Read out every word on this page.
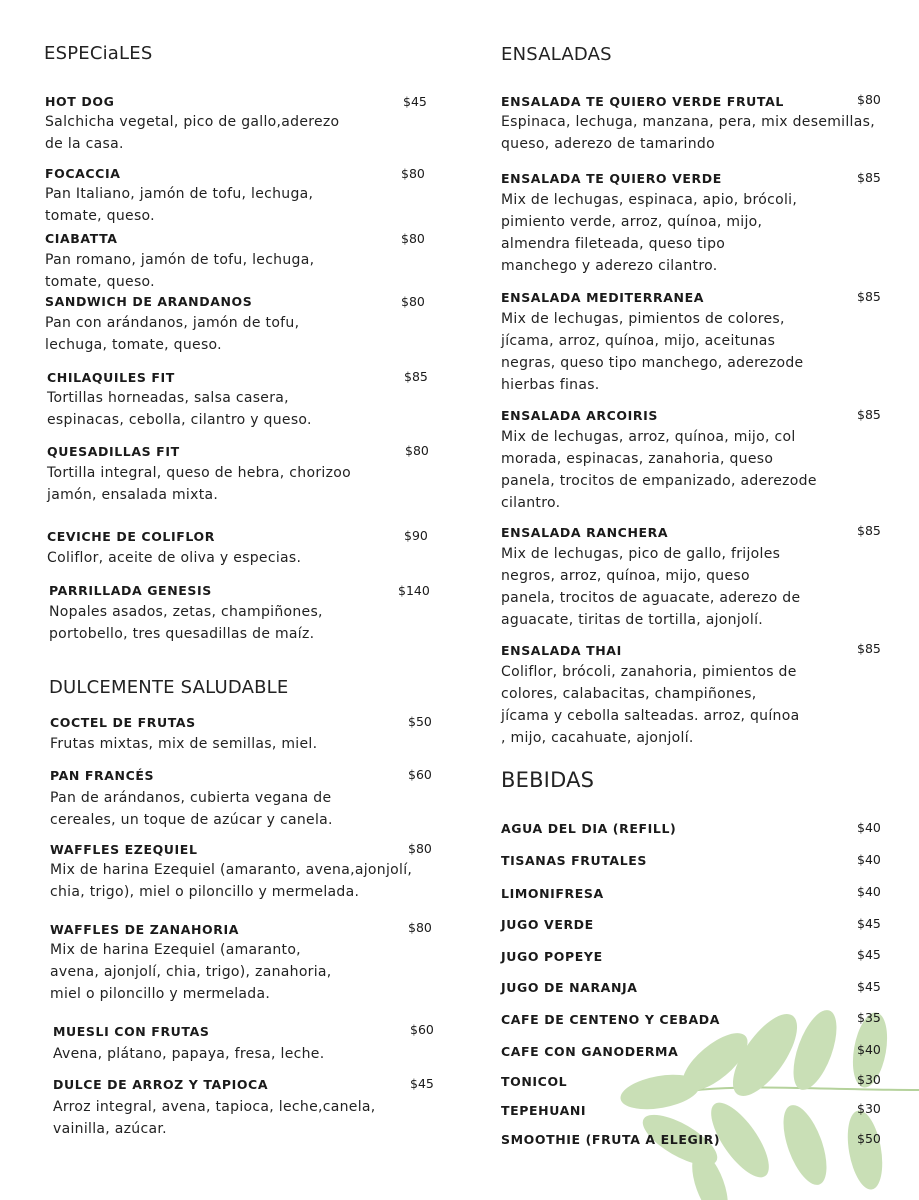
ESPECiaLES
HOT DOG	$45
Salchicha vegetal, pico de gallo,aderezo
de la casa.
FOCACCIA	$80
Pan Italiano, jamón de tofu, lechuga,
tomate, queso.
CIABATTA	$80
Pan romano, jamón de tofu, lechuga,
tomate, queso.
SANDWICH DE ARANDANOS	$80
Pan con arándanos, jamón de tofu,
lechuga, tomate, queso.
CHILAQUILES FIT	$85
Tortillas horneadas, salsa casera,
espinacas, cebolla, cilantro y queso.
QUESADILLAS FIT	$80
Tortilla integral, queso de hebra, chorizoo
jamón, ensalada mixta.
CEVICHE DE COLIFLOR	$90
Coliflor, aceite de oliva y especias.
PARRILLADA GENESIS	$140
Nopales asados, zetas, champiñones,
portobello, tres quesadillas de maíz.
DULCEMENTE SALUDABLE
COCTEL DE FRUTAS	$50
Frutas mixtas, mix de semillas, miel.
PAN FRANCÉS	$60
Pan de arándanos, cubierta vegana de
cereales, un toque de azúcar y canela.
WAFFLES EZEQUIEL	$80
Mix de harina Ezequiel (amaranto, avena,ajonjolí,
chia, trigo), miel o piloncillo y mermelada.
WAFFLES DE ZANAHORIA	$80
Mix de harina Ezequiel (amaranto,
avena, ajonjolí, chia, trigo), zanahoria,
miel o piloncillo y mermelada.
MUESLI CON FRUTAS	$60
Avena, plátano, papaya, fresa, leche.
DULCE DE ARROZ Y TAPIOCA	$45
Arroz integral, avena, tapioca, leche,canela,
vainilla, azúcar.
ENSALADAS
ENSALADA TE QUIERO VERDE FRUTAL	$80
Espinaca, lechuga, manzana, pera, mix desemillas,
queso, aderezo de tamarindo
ENSALADA TE QUIERO VERDE	$85
Mix de lechugas, espinaca, apio, brócoli,
pimiento verde, arroz, quínoa, mijo,
almendra fileteada, queso tipo
manchego y aderezo cilantro.
ENSALADA MEDITERRANEA	$85
Mix de lechugas, pimientos de colores,
jícama, arroz, quínoa, mijo, aceitunas
negras, queso tipo manchego, aderezode
hierbas finas.
ENSALADA ARCOIRIS	$85
Mix de lechugas, arroz, quínoa, mijo, col
morada, espinacas, zanahoria, queso
panela, trocitos de empanizado, aderezode
cilantro.
ENSALADA RANCHERA	$85
Mix de lechugas, pico de gallo, frijoles
negros, arroz, quínoa, mijo, queso
panela, trocitos de aguacate, aderezo de
aguacate, tiritas de tortilla, ajonjolí.
ENSALADA THAI	$85
Coliflor, brócoli, zanahoria, pimientos de
colores, calabacitas, champiñones,
jícama y cebolla salteadas. arroz, quínoa
, mijo, cacahuate, ajonjolí.
BEBIDAS
AGUA DEL DIA (REFILL)	$40
TISANAS FRUTALES	$40
LIMONIFRESA	$40
JUGO VERDE	$45
JUGO POPEYE	$45
JUGO DE NARANJA	$45
CAFE DE CENTENO Y CEBADA	$35
CAFE CON GANODERMA	$40
TONICOL	$30
TEPEHUANI	$30
SMOOTHIE (FRUTA A ELEGIR)	$50
